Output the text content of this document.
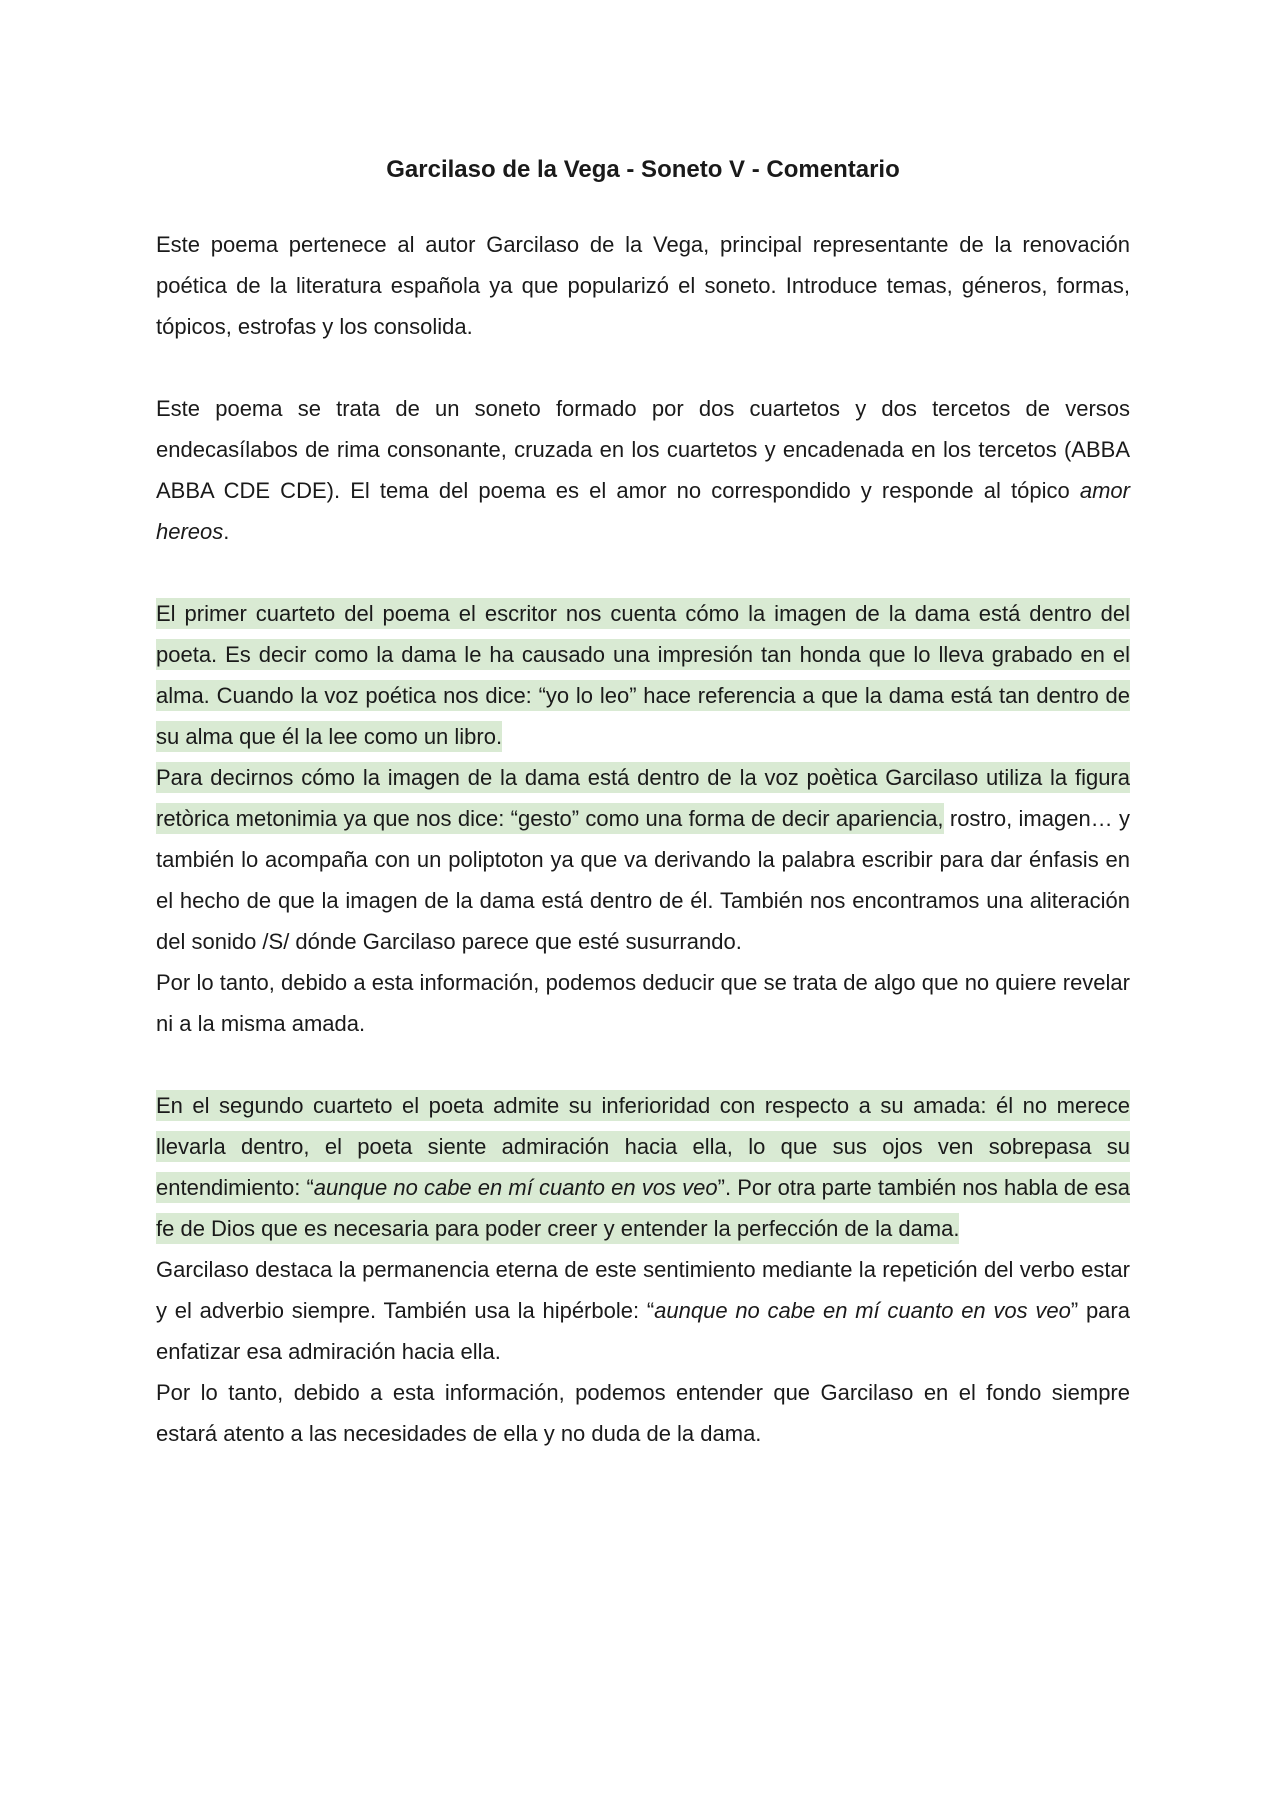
Garcilaso de la Vega - Soneto V - Comentario

Este poema pertenece al autor Garcilaso de la Vega, principal representante de la renovación poética de la literatura española ya que popularizó el soneto. Introduce temas, géneros, formas, tópicos, estrofas y los consolida.

Este poema se trata de un soneto formado por dos cuartetos y dos tercetos de versos endecasílabos de rima consonante, cruzada en los cuartetos y encadenada en los tercetos (ABBA ABBA CDE CDE). El tema del poema es el amor no correspondido y responde al tópico amor hereos.

El primer cuarteto del poema el escritor nos cuenta cómo la imagen de la dama está dentro del poeta. Es decir como la dama le ha causado una impresión tan honda que lo lleva grabado en el alma. Cuando la voz poética nos dice: “yo lo leo” hace referencia a que la dama está tan dentro de su alma que él la lee como un libro.

Para decirnos cómo la imagen de la dama está dentro de la voz poètica Garcilaso utiliza la figura retòrica metonimia ya que nos dice: “gesto” como una forma de decir apariencia, rostro, imagen… y también lo acompaña con un poliptoton ya que va derivando la palabra escribir para dar énfasis en el hecho de que la imagen de la dama está dentro de él. También nos encontramos una aliteración del sonido /S/ dónde Garcilaso parece que esté susurrando.

Por lo tanto, debido a esta información, podemos deducir que se trata de algo que no quiere revelar ni a la misma amada.

En el segundo cuarteto el poeta admite su inferioridad con respecto a su amada: él no merece llevarla dentro, el poeta siente admiración hacia ella, lo que sus ojos ven sobrepasa su entendimiento: “aunque no cabe en mí cuanto en vos veo”. Por otra parte también nos habla de esa fe de Dios que es necesaria para poder creer y entender la perfección de la dama.

Garcilaso destaca la permanencia eterna de este sentimiento mediante la repetición del verbo estar y el adverbio siempre. También usa la hipérbole: “aunque no cabe en mí cuanto en vos veo” para enfatizar esa admiración hacia ella.

Por lo tanto, debido a esta información, podemos entender que Garcilaso en el fondo siempre estará atento a las necesidades de ella y no duda de la dama.
